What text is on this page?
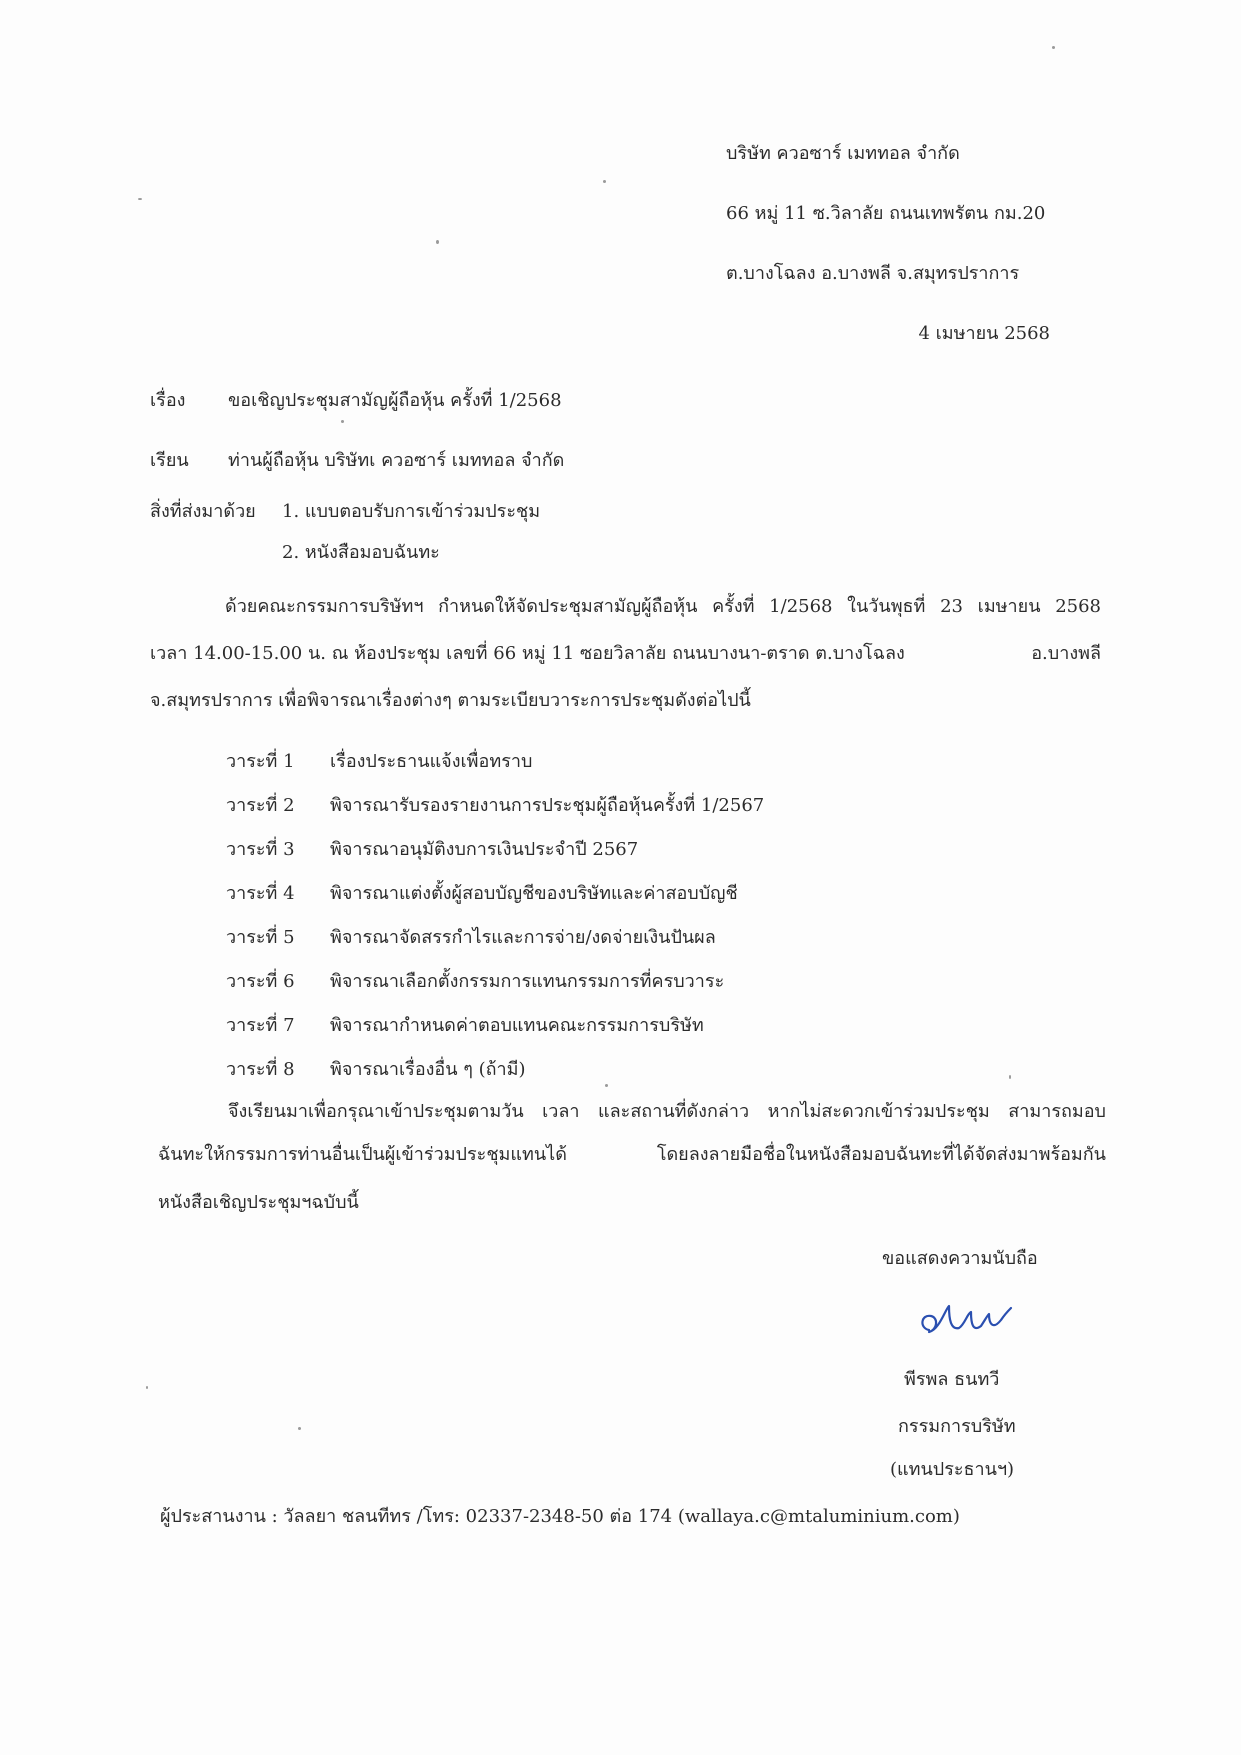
บริษัท ควอซาร์ เมททอล จำกัด
66 หมู่ 11 ซ.วิลาลัย ถนนเทพรัตน กม.20
ต.บางโฉลง อ.บางพลี จ.สมุทรปราการ
4 เมษายน 2568
เรื่อง ขอเชิญประชุมสามัญผู้ถือหุ้น ครั้งที่ 1/2568
เรียน ท่านผู้ถือหุ้น บริษัทเ ควอซาร์ เมททอล จำกัด
สิ่งที่ส่งมาด้วย 1. แบบตอบรับการเข้าร่วมประชุม
2. หนังสือมอบฉันทะ
ด้วยคณะกรรมการบริษัทฯ กำหนดให้จัดประชุมสามัญผู้ถือหุ้น ครั้งที่ 1/2568 ในวันพุธที่ 23 เมษายน 2568
เวลา 14.00-15.00 น. ณ ห้องประชุม เลขที่ 66 หมู่ 11 ซอยวิลาลัย ถนนบางนา-ตราด ต.บางโฉลง	อ.บางพลี
จ.สมุทรปราการ เพื่อพิจารณาเรื่องต่างๆ ตามระเบียบวาระการประชุมดังต่อไปนี้
วาระที่ 1 เรื่องประธานแจ้งเพื่อทราบ
วาระที่ 2 พิจารณารับรองรายงานการประชุมผู้ถือหุ้นครั้งที่ 1/2567
วาระที่ 3 พิจารณาอนุมัติงบการเงินประจำปี 2567
วาระที่ 4 พิจารณาแต่งตั้งผู้สอบบัญชีของบริษัทและค่าสอบบัญชี
วาระที่ 5 พิจารณาจัดสรรกำไรและการจ่าย/งดจ่ายเงินปันผล
วาระที่ 6 พิจารณาเลือกตั้งกรรมการแทนกรรมการที่ครบวาระ
วาระที่ 7 พิจารณากำหนดค่าตอบแทนคณะกรรมการบริษัท
วาระที่ 8 พิจารณาเรื่องอื่น ๆ (ถ้ามี)
จึงเรียนมาเพื่อกรุณาเข้าประชุมตามวัน เวลา และสถานที่ดังกล่าว หากไม่สะดวกเข้าร่วมประชุม สามารถมอบ
ฉันทะให้กรรมการท่านอื่นเป็นผู้เข้าร่วมประชุมแทนได้ โดยลงลายมือชื่อในหนังสือมอบฉันทะที่ได้จัดส่งมาพร้อมกัน
หนังสือเชิญประชุมฯฉบับนี้
ขอแสดงความนับถือ
พีรพล ธนทวี
กรรมการบริษัท
(แทนประธานฯ)
ผู้ประสานงาน : วัลลยา ชลนทีทร /โทร: 02337-2348-50 ต่อ 174 (wallaya.c@mtaluminium.com)
